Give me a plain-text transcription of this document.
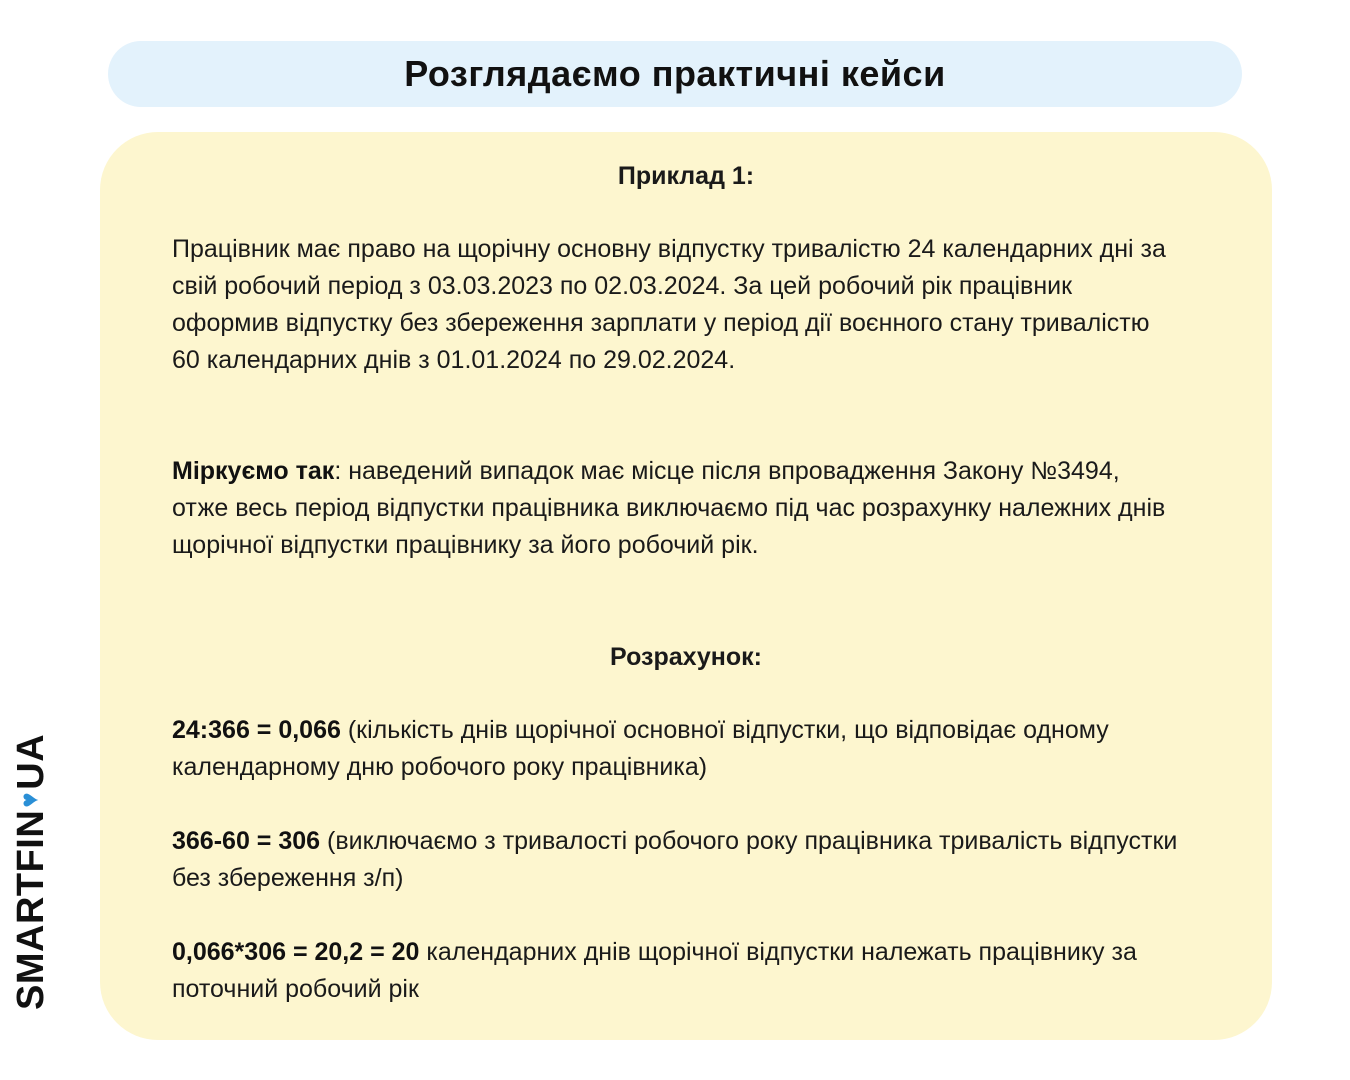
Розглядаємо практичні кейси
Приклад 1:
Працівник має право на щорічну основну відпустку тривалістю 24 календарних дні за свій робочий період з 03.03.2023 по 02.03.2024. За цей робочий рік працівник оформив відпустку без збереження зарплати у період дії воєнного стану тривалістю 60 календарних днів з 01.01.2024 по 29.02.2024.
Міркуємо так: наведений випадок має місце після впровадження Закону №3494, отже весь період відпустки працівника виключаємо під час розрахунку належних днів щорічної відпустки працівнику за його робочий рік.
Розрахунок:
24:366 = 0,066 (кількість днів щорічної основної відпустки, що відповідає одному календарному дню робочого року працівника)
366-60 = 306 (виключаємо з тривалості робочого року працівника тривалість відпустки без збереження з/п)
0,066*306 = 20,2 = 20 календарних днів щорічної відпустки належать працівнику за поточний робочий рік
SMARTFIN
♥
UA
